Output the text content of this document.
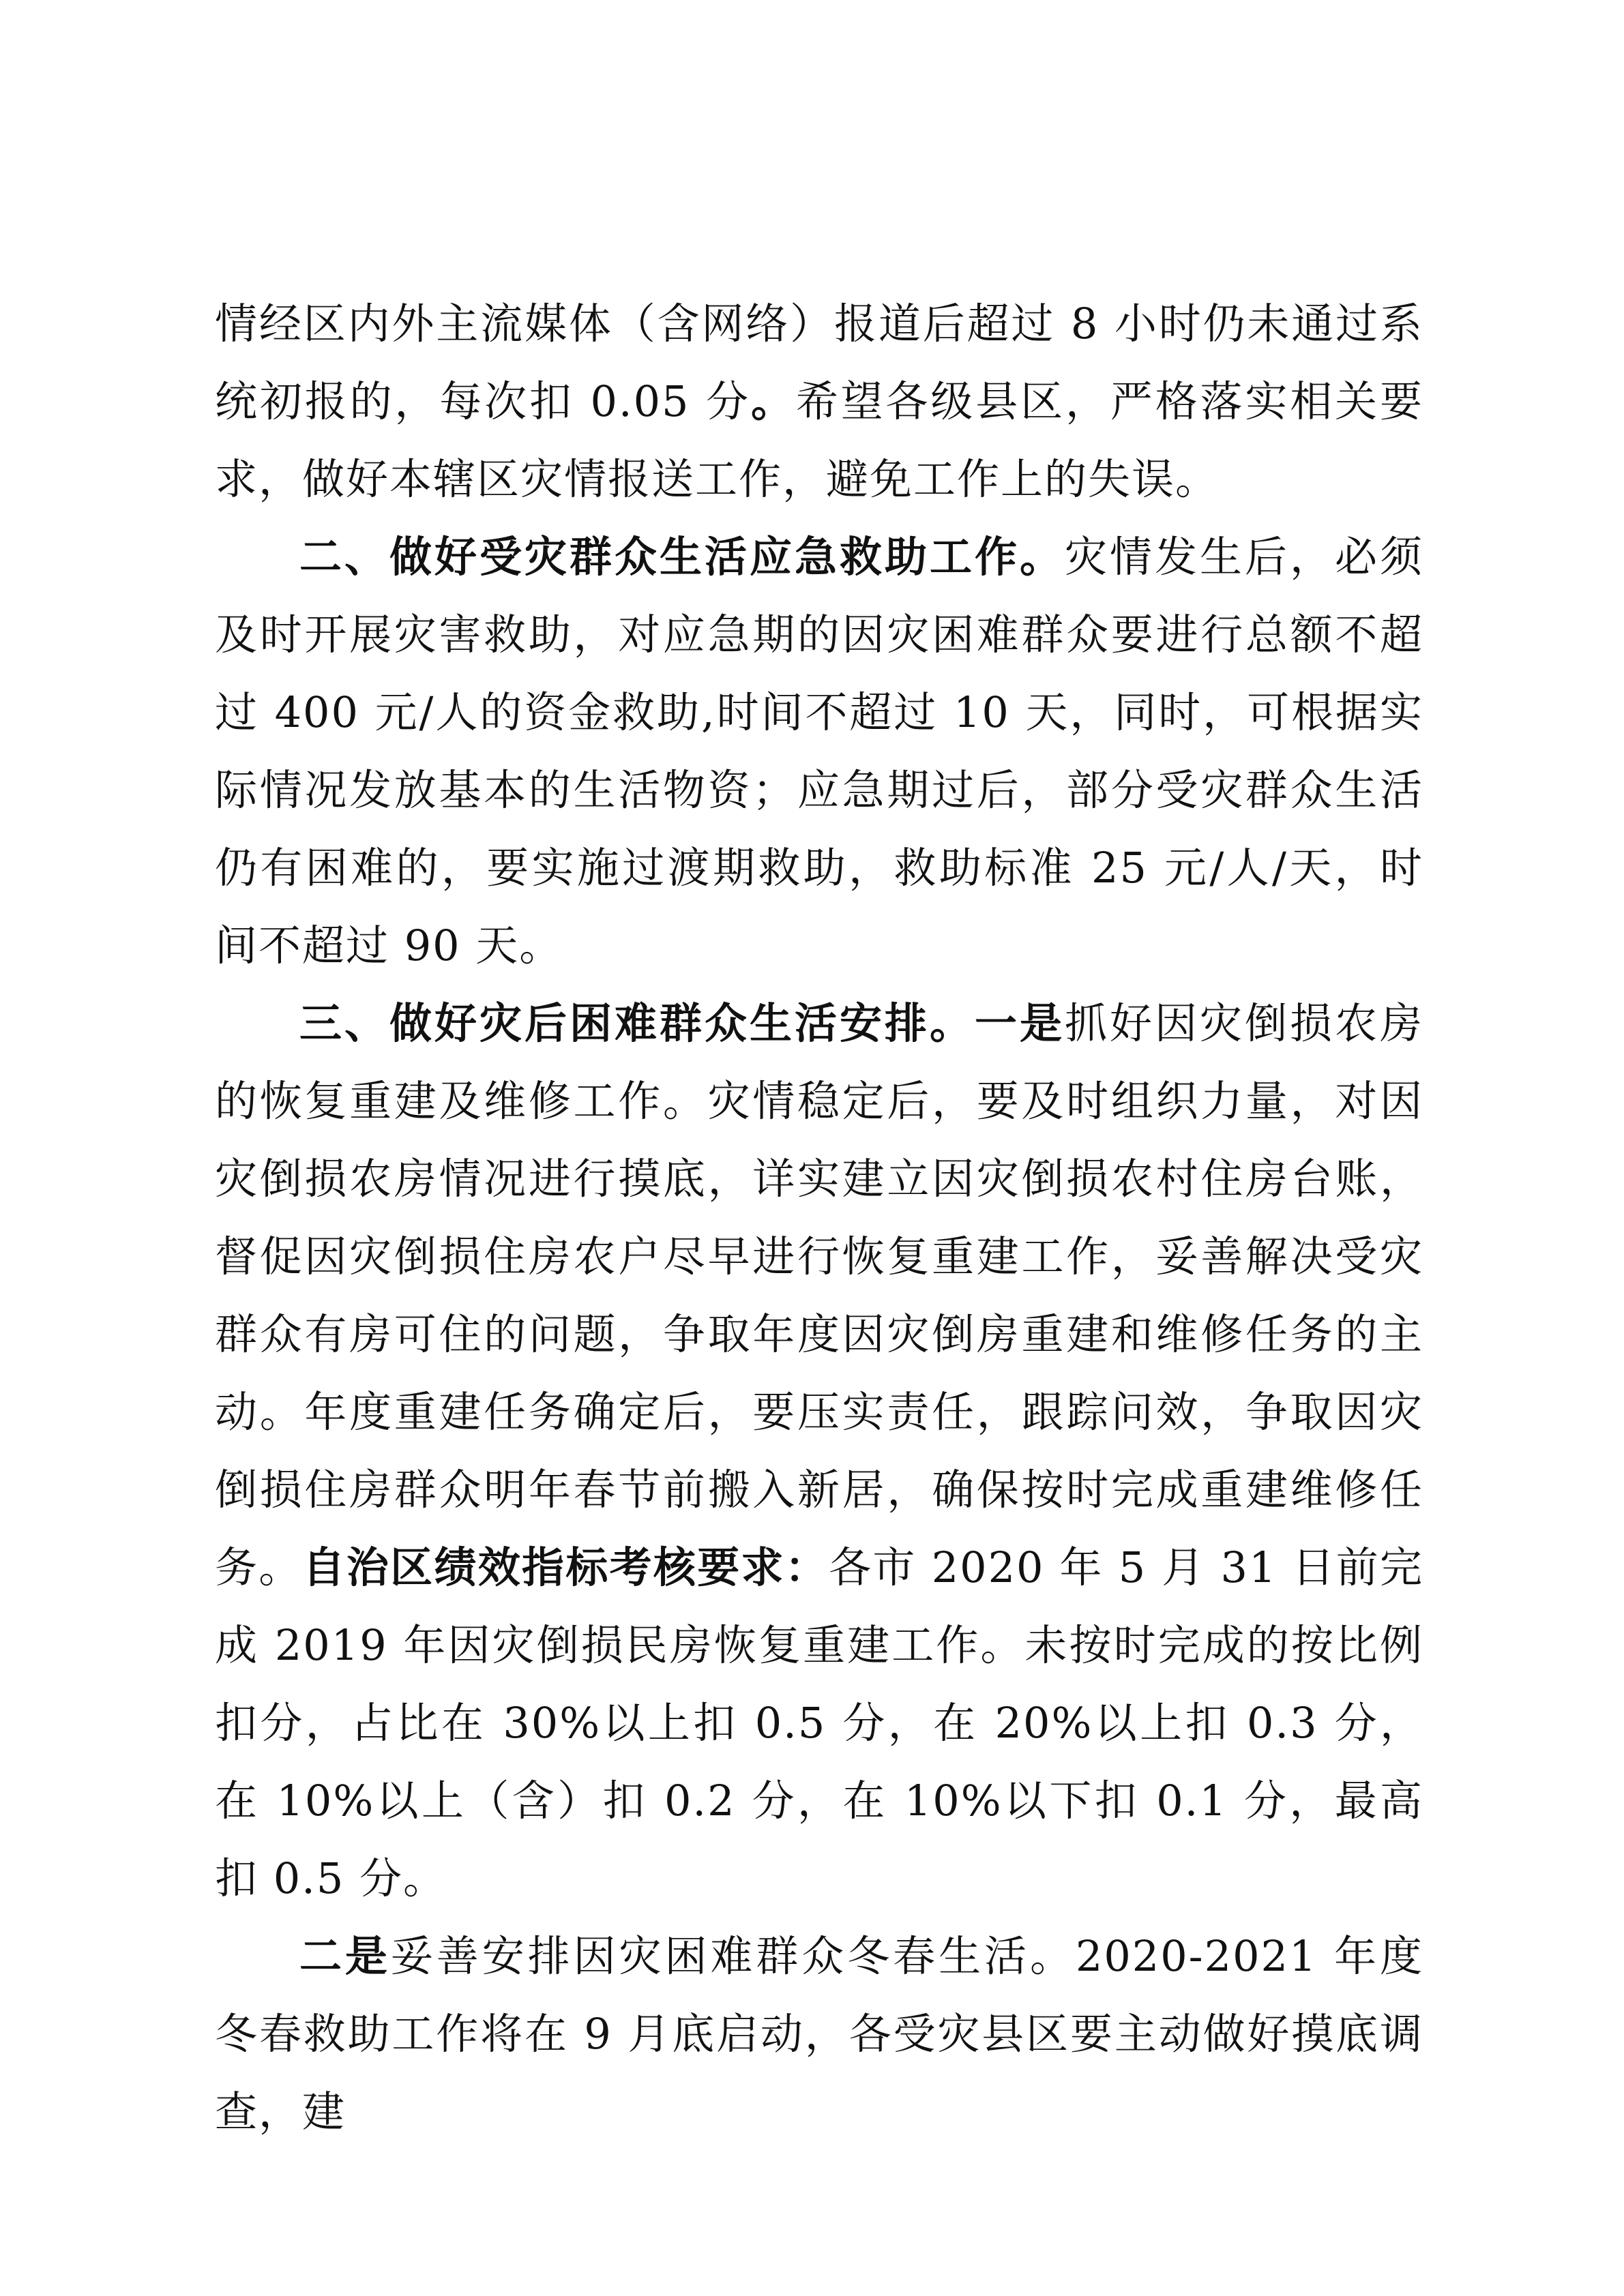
情经区内外主流媒体（含网络）报道后超过 8 小时仍未通过系统初报的，每次扣 0.05 分。希望各级县区，严格落实相关要求，做好本辖区灾情报送工作，避免工作上的失误。

二、做好受灾群众生活应急救助工作。灾情发生后，必须及时开展灾害救助，对应急期的因灾困难群众要进行总额不超过 400 元/人的资金救助,时间不超过 10 天，同时，可根据实际情况发放基本的生活物资；应急期过后，部分受灾群众生活仍有困难的，要实施过渡期救助，救助标准 25 元/人/天，时间不超过 90 天。

三、做好灾后困难群众生活安排。一是抓好因灾倒损农房的恢复重建及维修工作。灾情稳定后，要及时组织力量，对因灾倒损农房情况进行摸底，详实建立因灾倒损农村住房台账，督促因灾倒损住房农户尽早进行恢复重建工作，妥善解决受灾群众有房可住的问题，争取年度因灾倒房重建和维修任务的主动。年度重建任务确定后，要压实责任，跟踪问效，争取因灾倒损住房群众明年春节前搬入新居，确保按时完成重建维修任务。自治区绩效指标考核要求：各市 2020 年 5 月 31 日前完成 2019 年因灾倒损民房恢复重建工作。未按时完成的按比例扣分，占比在 30%以上扣 0.5 分，在 20%以上扣 0.3 分，在 10%以上（含）扣 0.2 分，在 10%以下扣 0.1 分，最高扣 0.5 分。

二是妥善安排因灾困难群众冬春生活。2020-2021 年度冬春救助工作将在 9 月底启动，各受灾县区要主动做好摸底调查，建
